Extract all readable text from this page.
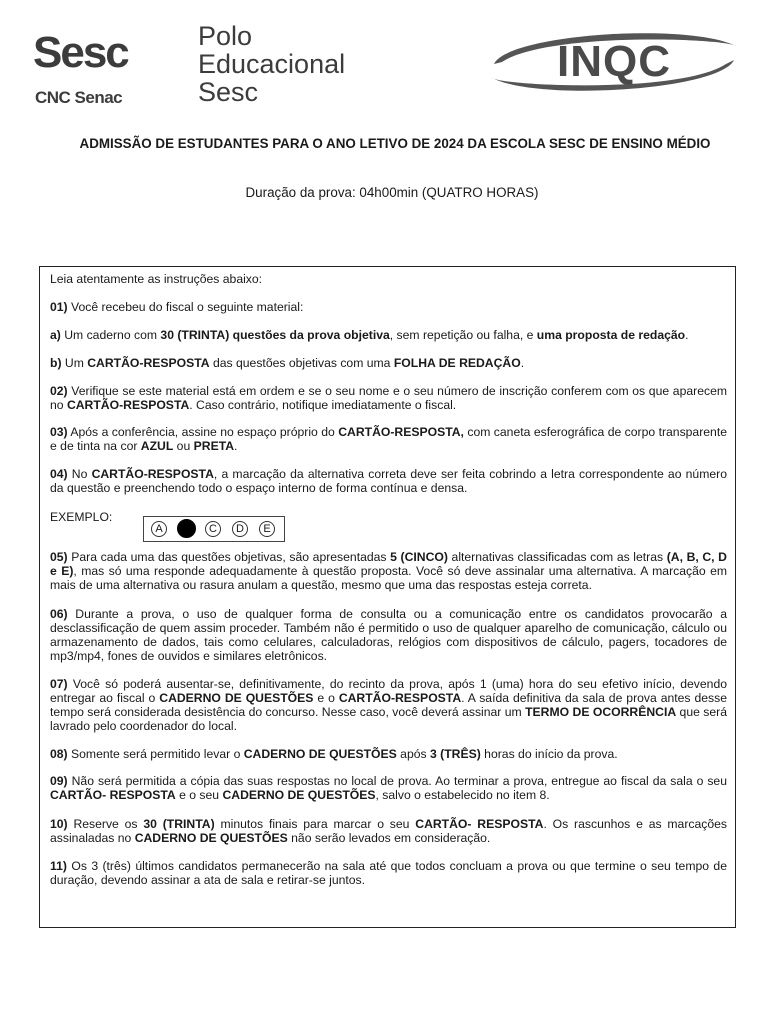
Sesc
CNC Senac
Polo
Educacional
Sesc
INQC
ADMISSÃO DE ESTUDANTES PARA O ANO LETIVO DE 2024 DA ESCOLA SESC DE ENSINO MÉDIO
Duração da prova: 04h00min (QUATRO HORAS)
Leia atentamente as instruções abaixo:
01) Você recebeu do fiscal o seguinte material:
a) Um caderno com 30 (TRINTA) questões da prova objetiva, sem repetição ou falha, e uma proposta de redação.
b) Um CARTÃO-RESPOSTA das questões objetivas com uma FOLHA DE REDAÇÃO.
02) Verifique se este material está em ordem e se o seu nome e o seu número de inscrição conferem com os que aparecem no CARTÃO-RESPOSTA. Caso contrário, notifique imediatamente o fiscal.
03) Após a conferência, assine no espaço próprio do CARTÃO-RESPOSTA, com caneta esferográfica de corpo transparente e de tinta na cor AZUL ou PRETA.
04) No CARTÃO-RESPOSTA, a marcação da alternativa correta deve ser feita cobrindo a letra correspondente ao número da questão e preenchendo todo o espaço interno de forma contínua e densa.
EXEMPLO:
A	C	D	E
05) Para cada uma das questões objetivas, são apresentadas 5 (CINCO) alternativas classificadas com as letras (A, B, C, D e E), mas só uma responde adequadamente à questão proposta. Você só deve assinalar uma alternativa. A marcação em mais de uma alternativa ou rasura anulam a questão, mesmo que uma das respostas esteja correta.
06) Durante a prova, o uso de qualquer forma de consulta ou a comunicação entre os candidatos provocarão a desclassificação de quem assim proceder. Também não é permitido o uso de qualquer aparelho de comunicação, cálculo ou armazenamento de dados, tais como celulares, calculadoras, relógios com dispositivos de cálculo, pagers, tocadores de mp3/mp4, fones de ouvidos e similares eletrônicos.
07) Você só poderá ausentar-se, definitivamente, do recinto da prova, após 1 (uma) hora do seu efetivo início, devendo entregar ao fiscal o CADERNO DE QUESTÕES e o CARTÃO-RESPOSTA. A saída definitiva da sala de prova antes desse tempo será considerada desistência do concurso. Nesse caso, você deverá assinar um TERMO DE OCORRÊNCIA que será lavrado pelo coordenador do local.
08) Somente será permitido levar o CADERNO DE QUESTÕES após 3 (TRÊS) horas do início da prova.
09) Não será permitida a cópia das suas respostas no local de prova. Ao terminar a prova, entregue ao fiscal da sala o seu CARTÃO- RESPOSTA e o seu CADERNO DE QUESTÕES, salvo o estabelecido no item 8.
10) Reserve os 30 (TRINTA) minutos finais para marcar o seu CARTÃO- RESPOSTA. Os rascunhos e as marcações assinaladas no CADERNO DE QUESTÕES não serão levados em consideração.
11) Os 3 (três) últimos candidatos permanecerão na sala até que todos concluam a prova ou que termine o seu tempo de duração, devendo assinar a ata de sala e retirar-se juntos.
